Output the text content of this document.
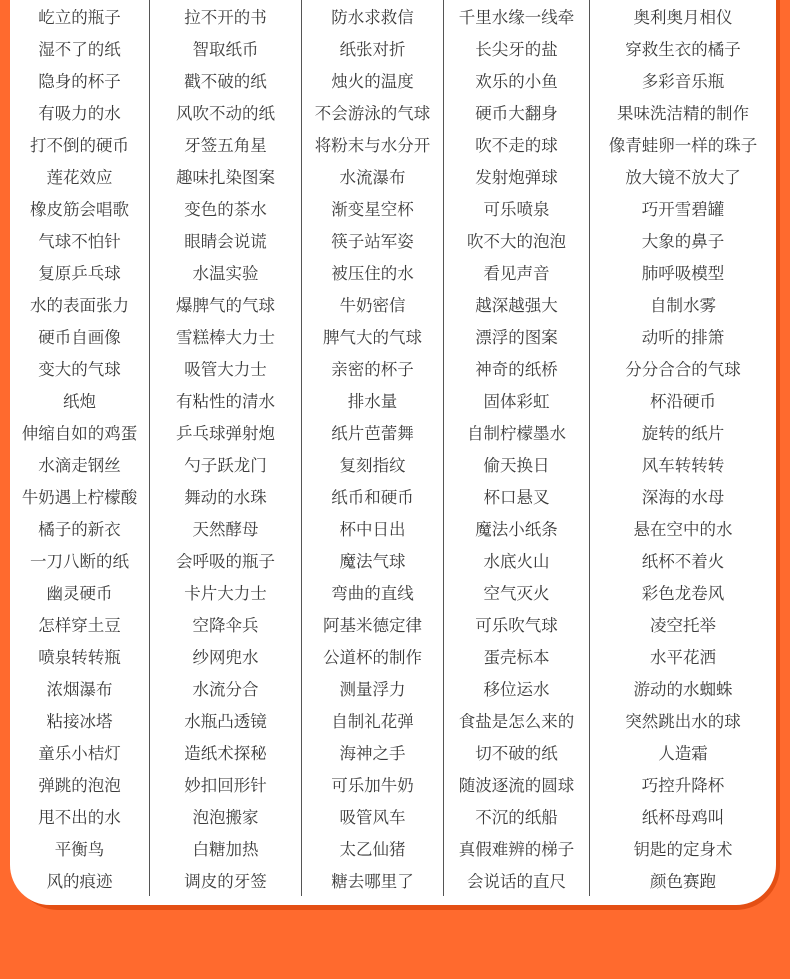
屹立的瓶子	拉不开的书	防水求救信	千里水缘一线牵	奥利奥月相仪
湿不了的纸	智取纸币	纸张对折	长尖牙的盐	穿救生衣的橘子
隐身的杯子	戳不破的纸	烛火的温度	欢乐的小鱼	多彩音乐瓶
有吸力的水	风吹不动的纸	不会游泳的气球	硬币大翻身	果味洗洁精的制作
打不倒的硬币	牙签五角星	将粉末与水分开	吹不走的球	像青蛙卵一样的珠子
莲花效应	趣味扎染图案	水流瀑布	发射炮弹球	放大镜不放大了
橡皮筋会唱歌	变色的茶水	渐变星空杯	可乐喷泉	巧开雪碧罐
气球不怕针	眼睛会说谎	筷子站军姿	吹不大的泡泡	大象的鼻子
复原乒乓球	水温实验	被压住的水	看见声音	肺呼吸模型
水的表面张力	爆脾气的气球	牛奶密信	越深越强大	自制水雾
硬币自画像	雪糕棒大力士	脾气大的气球	漂浮的图案	动听的排箫
变大的气球	吸管大力士	亲密的杯子	神奇的纸桥	分分合合的气球
纸炮	有粘性的清水	排水量	固体彩虹	杯沿硬币
伸缩自如的鸡蛋	乒乓球弹射炮	纸片芭蕾舞	自制柠檬墨水	旋转的纸片
水滴走钢丝	勺子跃龙门	复刻指纹	偷天换日	风车转转转
牛奶遇上柠檬酸	舞动的水珠	纸币和硬币	杯口悬叉	深海的水母
橘子的新衣	天然酵母	杯中日出	魔法小纸条	悬在空中的水
一刀八断的纸	会呼吸的瓶子	魔法气球	水底火山	纸杯不着火
幽灵硬币	卡片大力士	弯曲的直线	空气灭火	彩色龙卷风
怎样穿土豆	空降伞兵	阿基米德定律	可乐吹气球	凌空托举
喷泉转转瓶	纱网兜水	公道杯的制作	蛋壳标本	水平花洒
浓烟瀑布	水流分合	测量浮力	移位运水	游动的水蜘蛛
粘接冰塔	水瓶凸透镜	自制礼花弹	食盐是怎么来的	突然跳出水的球
童乐小桔灯	造纸术探秘	海神之手	切不破的纸	人造霜
弹跳的泡泡	妙扣回形针	可乐加牛奶	随波逐流的圆球	巧控升降杯
甩不出的水	泡泡搬家	吸管风车	不沉的纸船	纸杯母鸡叫
平衡鸟	白糖加热	太乙仙猪	真假难辨的梯子	钥匙的定身术
风的痕迹	调皮的牙签	糖去哪里了	会说话的直尺	颜色赛跑
